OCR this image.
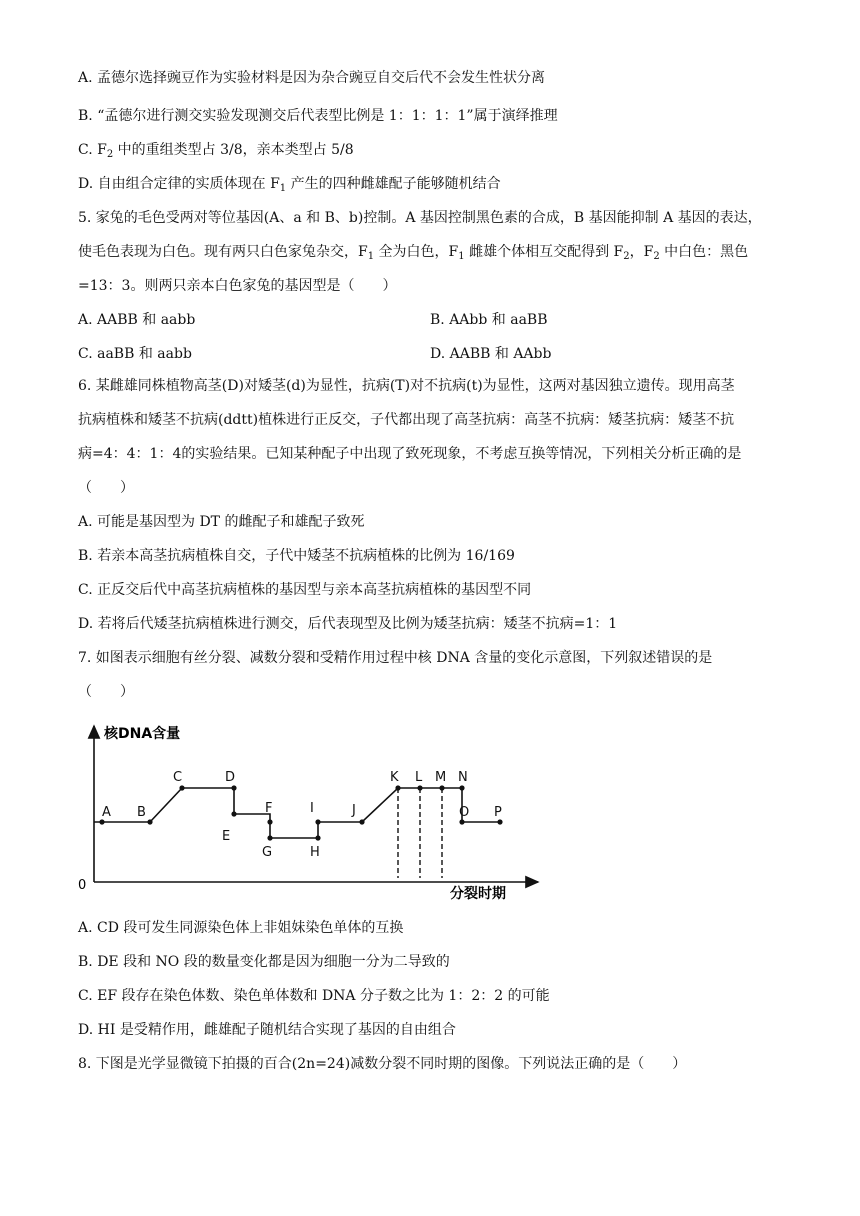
A. 孟德尔选择豌豆作为实验材料是因为杂合豌豆自交后代不会发生性状分离
B. “孟德尔进行测交实验发现测交后代表型比例是 1：1：1：1”属于演绎推理
C. $F_2$ 中的重组类型占 3/8，亲本类型占 5/8
D. 自由组合定律的实质体现在 $F_1$ 产生的四种雌雄配子能够随机结合
5. 家兔的毛色受两对等位基因(A、a 和 B、b)控制。A 基因控制黑色素的合成，B 基因能抑制 A 基因的表达，
使毛色表现为白色。现有两只白色家兔杂交，$F_1$ 全为白色，$F_1$ 雌雄个体相互交配得到 $F_2$，$F_2$ 中白色：黑色
=13：3。则两只亲本白色家兔的基因型是（　　）
A. AABB 和 aabb	B. AAbb 和 aaBB
C. aaBB 和 aabb	D. AABB 和 AAbb
6. 某雌雄同株植物高茎(D)对矮茎(d)为显性，抗病(T)对不抗病(t)为显性，这两对基因独立遗传。现用高茎
抗病植株和矮茎不抗病(ddtt)植株进行正反交，子代都出现了高茎抗病：高茎不抗病：矮茎抗病：矮茎不抗
病=4：4：1：4的实验结果。已知某种配子中出现了致死现象，不考虑互换等情况，下列相关分析正确的是
（　　）
A. 可能是基因型为 DT 的雌配子和雄配子致死
B. 若亲本高茎抗病植株自交，子代中矮茎不抗病植株的比例为 16/169
C. 正反交后代中高茎抗病植株的基因型与亲本高茎抗病植株的基因型不同
D. 若将后代矮茎抗病植株进行测交，后代表现型及比例为矮茎抗病：矮茎不抗病=1：1
7. 如图表示细胞有丝分裂、减数分裂和受精作用过程中核 DNA 含量的变化示意图，下列叙述错误的是
（　　）
核DNA含量
分裂时期
0
A B
C	D
E
F
G	H
I	J
K L M N
O P
A. CD 段可发生同源染色体上非姐妹染色单体的互换
B. DE 段和 NO 段的数量变化都是因为细胞一分为二导致的
C. EF 段存在染色体数、染色单体数和 DNA 分子数之比为 1：2：2 的可能
D. HI 是受精作用，雌雄配子随机结合实现了基因的自由组合
8. 下图是光学显微镜下拍摄的百合(2n=24)减数分裂不同时期的图像。下列说法正确的是（　　）
